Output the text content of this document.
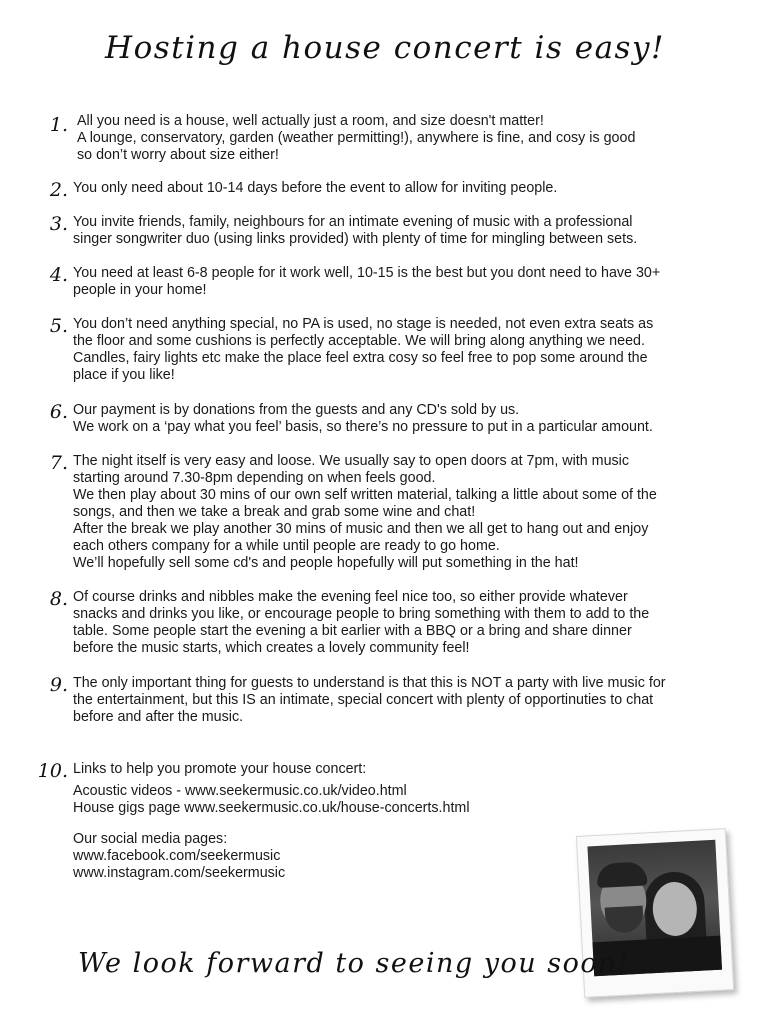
Hosting a house concert is easy!
1. All you need is a house, well actually just a room, and size doesn't matter!
A lounge, conservatory, garden (weather permitting!), anywhere is fine, and cosy is good
so don’t worry about size either!
2. You only need about 10-14 days before the event to allow for inviting people.
3. You invite friends, family, neighbours for an intimate evening of music with a professional
singer songwriter duo (using links provided) with plenty of time for mingling between sets.
4. You need at least 6-8 people for it work well, 10-15 is the best but you dont need to have 30+
people in your home!
5. You don’t need anything special, no PA is used, no stage is needed, not even extra seats as
the floor and some cushions is perfectly acceptable. We will bring along anything we need.
Candles, fairy lights etc make the place feel extra cosy so feel free to pop some around the
place if you like!
6. Our payment is by donations from the guests and any CD's sold by us.
We work on a ‘pay what you feel’ basis, so there’s no pressure to put in a particular amount.
7. The night itself is very easy and loose. We usually say to open doors at 7pm, with music
starting around 7.30-8pm depending on when feels good.
We then play about 30 mins of our own self written material, talking a little about some of the
songs, and then we take a break and grab some wine and chat!
After the break we play another 30 mins of music and then we all get to hang out and enjoy
each others company for a while until people are ready to go home.
We’ll hopefully sell some cd's and people hopefully will put something in the hat!
8. Of course drinks and nibbles make the evening feel nice too, so either provide whatever
snacks and drinks you like, or encourage people to bring something with them to add to the
table. Some people start the evening a bit earlier with a BBQ or a bring and share dinner
before the music starts, which creates a lovely community feel!
9. The only important thing for guests to understand is that this is NOT a party with live music for
the entertainment, but this IS an intimate, special concert with plenty of opportinuties to chat
before and after the music.
10. Links to help you promote your house concert:
Acoustic videos - www.seekermusic.co.uk/video.html
House gigs page www.seekermusic.co.uk/house-concerts.html
Our social media pages:
www.facebook.com/seekermusic
www.instagram.com/seekermusic
We look forward to seeing you soon!
